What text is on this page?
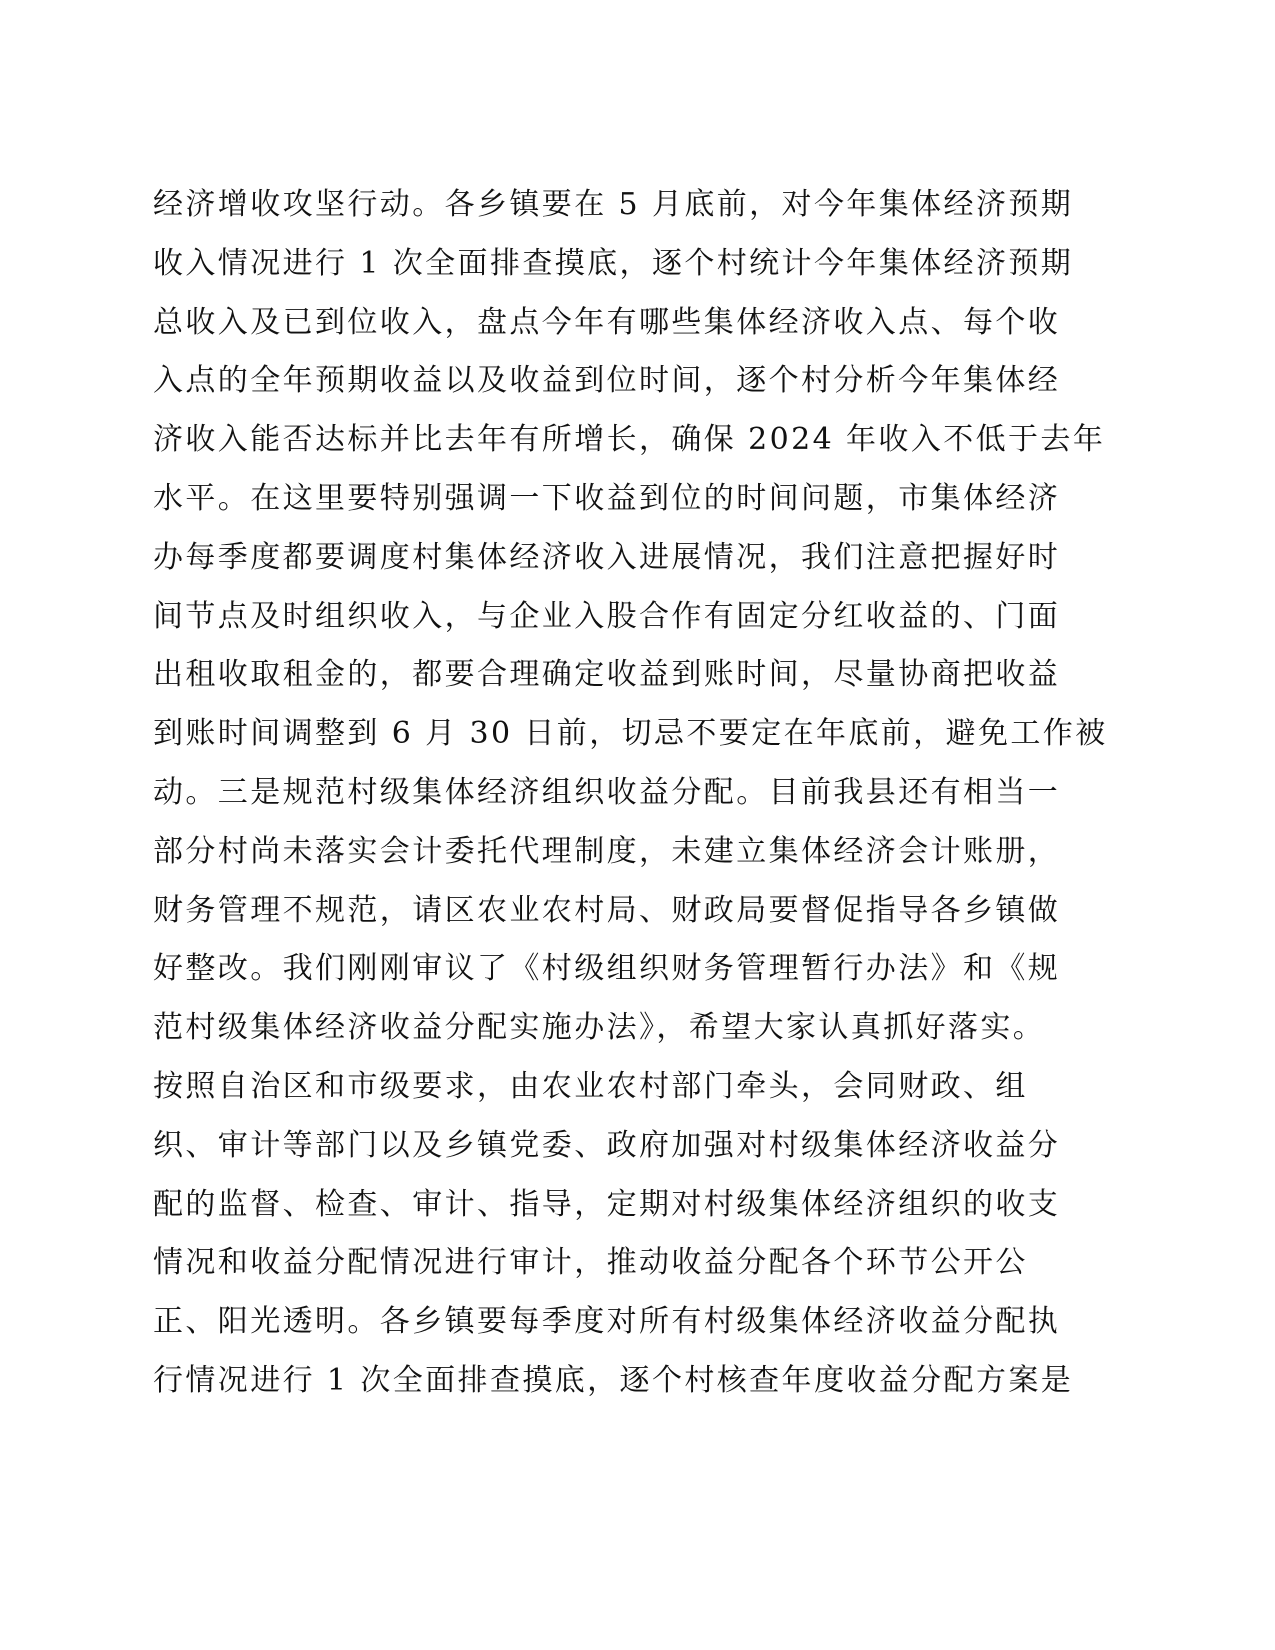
经济增收攻坚行动。各乡镇要在 5 月底前，对今年集体经济预期
收入情况进行 1 次全面排查摸底，逐个村统计今年集体经济预期
总收入及已到位收入，盘点今年有哪些集体经济收入点、每个收
入点的全年预期收益以及收益到位时间，逐个村分析今年集体经
济收入能否达标并比去年有所增长，确保 2024 年收入不低于去年
水平。在这里要特别强调一下收益到位的时间问题，市集体经济
办每季度都要调度村集体经济收入进展情况，我们注意把握好时
间节点及时组织收入，与企业入股合作有固定分红收益的、门面
出租收取租金的，都要合理确定收益到账时间，尽量协商把收益
到账时间调整到 6 月 30 日前，切忌不要定在年底前，避免工作被
动。三是规范村级集体经济组织收益分配。目前我县还有相当一
部分村尚未落实会计委托代理制度，未建立集体经济会计账册，
财务管理不规范，请区农业农村局、财政局要督促指导各乡镇做
好整改。我们刚刚审议了《村级组织财务管理暂行办法》和《规
范村级集体经济收益分配实施办法》，希望大家认真抓好落实。
按照自治区和市级要求，由农业农村部门牵头，会同财政、组
织、审计等部门以及乡镇党委、政府加强对村级集体经济收益分
配的监督、检查、审计、指导，定期对村级集体经济组织的收支
情况和收益分配情况进行审计，推动收益分配各个环节公开公
正、阳光透明。各乡镇要每季度对所有村级集体经济收益分配执
行情况进行 1 次全面排查摸底，逐个村核查年度收益分配方案是
